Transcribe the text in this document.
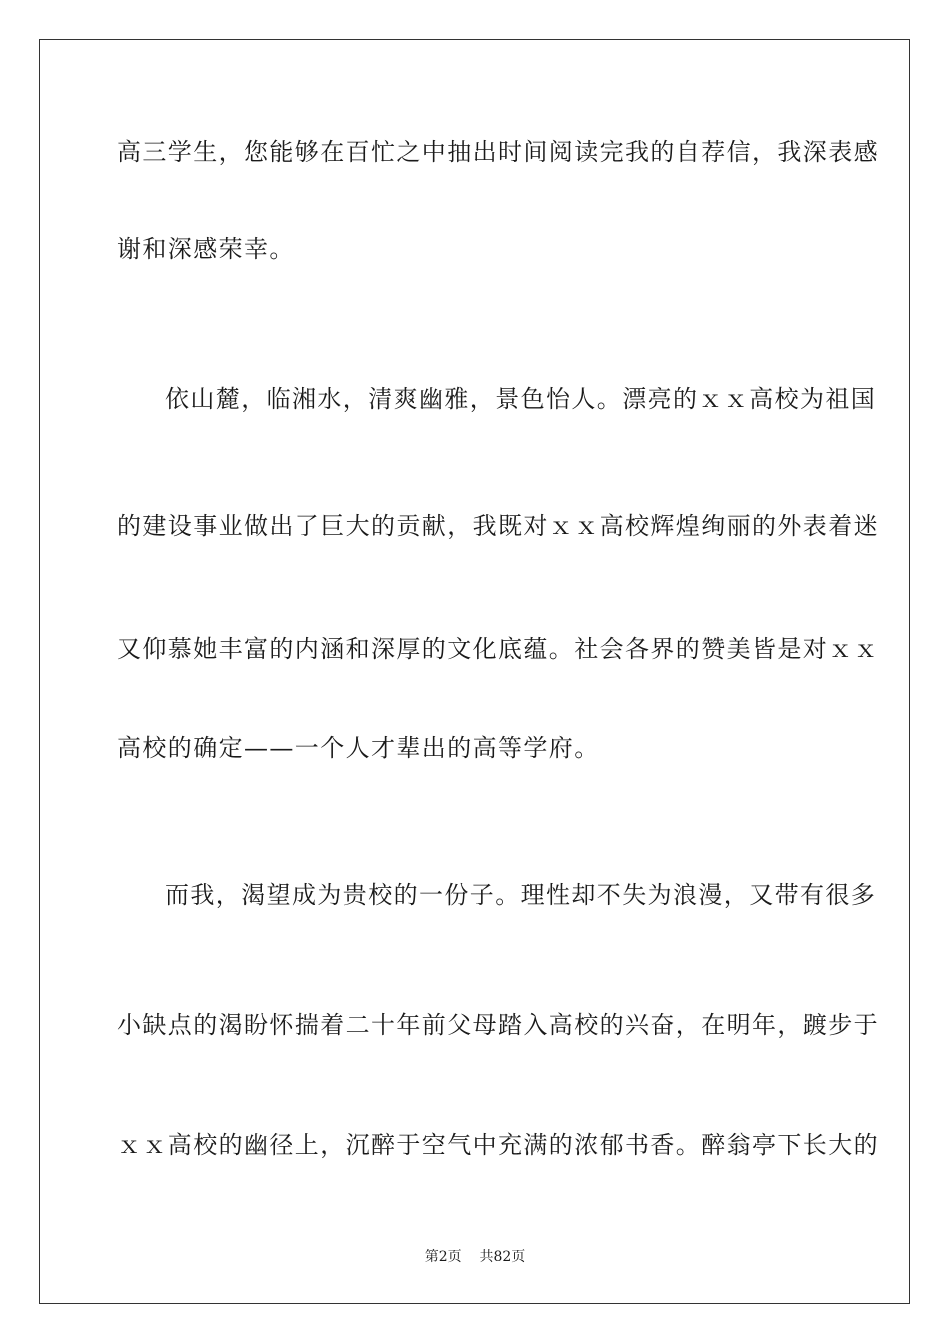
高三学生，您能够在百忙之中抽出时间阅读完我的自荐信，我深表感
谢和深感荣幸。
依山麓，临湘水，清爽幽雅，景色怡人。漂亮的ｘｘ高校为祖国
的建设事业做出了巨大的贡献，我既对ｘｘ高校辉煌绚丽的外表着迷
又仰慕她丰富的内涵和深厚的文化底蕴。社会各界的赞美皆是对ｘｘ
高校的确定——一个人才辈出的高等学府。
而我，渴望成为贵校的一份子。理性却不失为浪漫，又带有很多
小缺点的渴盼怀揣着二十年前父母踏入高校的兴奋，在明年，踱步于
ｘｘ高校的幽径上，沉醉于空气中充满的浓郁书香。醉翁亭下长大的
第2页    共82页
